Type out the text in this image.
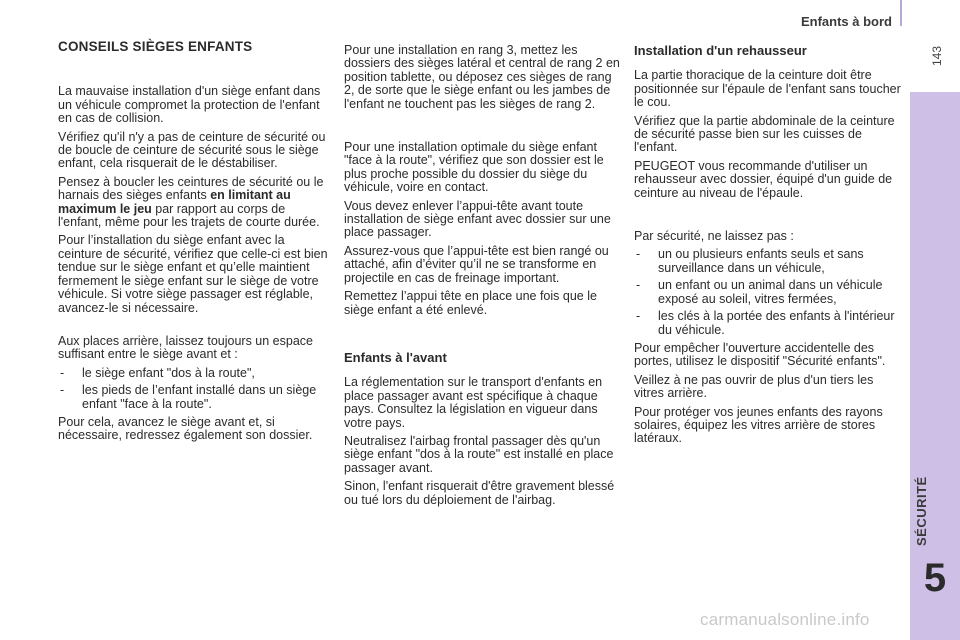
Enfants à bord
143
SÉCURITÉ
5
CONSEILS SIÈGES ENFANTS

La mauvaise installation d'un siège enfant dans un véhicule compromet la protection de l'enfant en cas de collision.

Vérifiez qu'il n'y a pas de ceinture de sécurité ou de boucle de ceinture de sécurité sous le siège enfant, cela risquerait de le déstabiliser.

Pensez à boucler les ceintures de sécurité ou le harnais des sièges enfants en limitant au maximum le jeu par rapport au corps de l'enfant, même pour les trajets de courte durée.

Pour l’installation du siège enfant avec la ceinture de sécurité, vérifiez que celle-ci est bien tendue sur le siège enfant et qu’elle maintient fermement le siège enfant sur le siège de votre véhicule. Si votre siège passager est réglable, avancez-le si nécessaire.

Aux places arrière, laissez toujours un espace suffisant entre le siège avant et :

- le siège enfant "dos à la route",
- les pieds de l’enfant installé dans un siège enfant "face à la route".

Pour cela, avancez le siège avant et, si nécessaire, redressez également son dossier.

Pour une installation en rang 3, mettez les dossiers des sièges latéral et central de rang 2 en position tablette, ou déposez ces sièges de rang 2, de sorte que le siège enfant ou les jambes de l'enfant ne touchent pas les sièges de rang 2.

Pour une installation optimale du siège enfant "face à la route", vérifiez que son dossier est le plus proche possible du dossier du siège du véhicule, voire en contact.

Vous devez enlever l’appui-tête avant toute installation de siège enfant avec dossier sur une place passager.

Assurez-vous que l’appui-tête est bien rangé ou attaché, afin d’éviter qu’il ne se transforme en projectile en cas de freinage important.

Remettez l’appui tête en place une fois que le siège enfant a été enlevé.

Enfants à l'avant

La réglementation sur le transport d'enfants en place passager avant est spécifique à chaque pays. Consultez la législation en vigueur dans votre pays.

Neutralisez l'airbag frontal passager dès qu'un siège enfant "dos à la route" est installé en place passager avant.

Sinon, l'enfant risquerait d'être gravement blessé ou tué lors du déploiement de l'airbag.

Installation d'un rehausseur

La partie thoracique de la ceinture doit être positionnée sur l'épaule de l'enfant sans toucher le cou.

Vérifiez que la partie abdominale de la ceinture de sécurité passe bien sur les cuisses de l'enfant.

PEUGEOT vous recommande d'utiliser un rehausseur avec dossier, équipé d'un guide de ceinture au niveau de l'épaule.

Par sécurité, ne laissez pas :

- un ou plusieurs enfants seuls et sans surveillance dans un véhicule,
- un enfant ou un animal dans un véhicule exposé au soleil, vitres fermées,
- les clés à la portée des enfants à l'intérieur du véhicule.

Pour empêcher l'ouverture accidentelle des portes, utilisez le dispositif "Sécurité enfants".

Veillez à ne pas ouvrir de plus d'un tiers les vitres arrière.

Pour protéger vos jeunes enfants des rayons solaires, équipez les vitres arrière de stores latéraux.

carmanualsonline.info
